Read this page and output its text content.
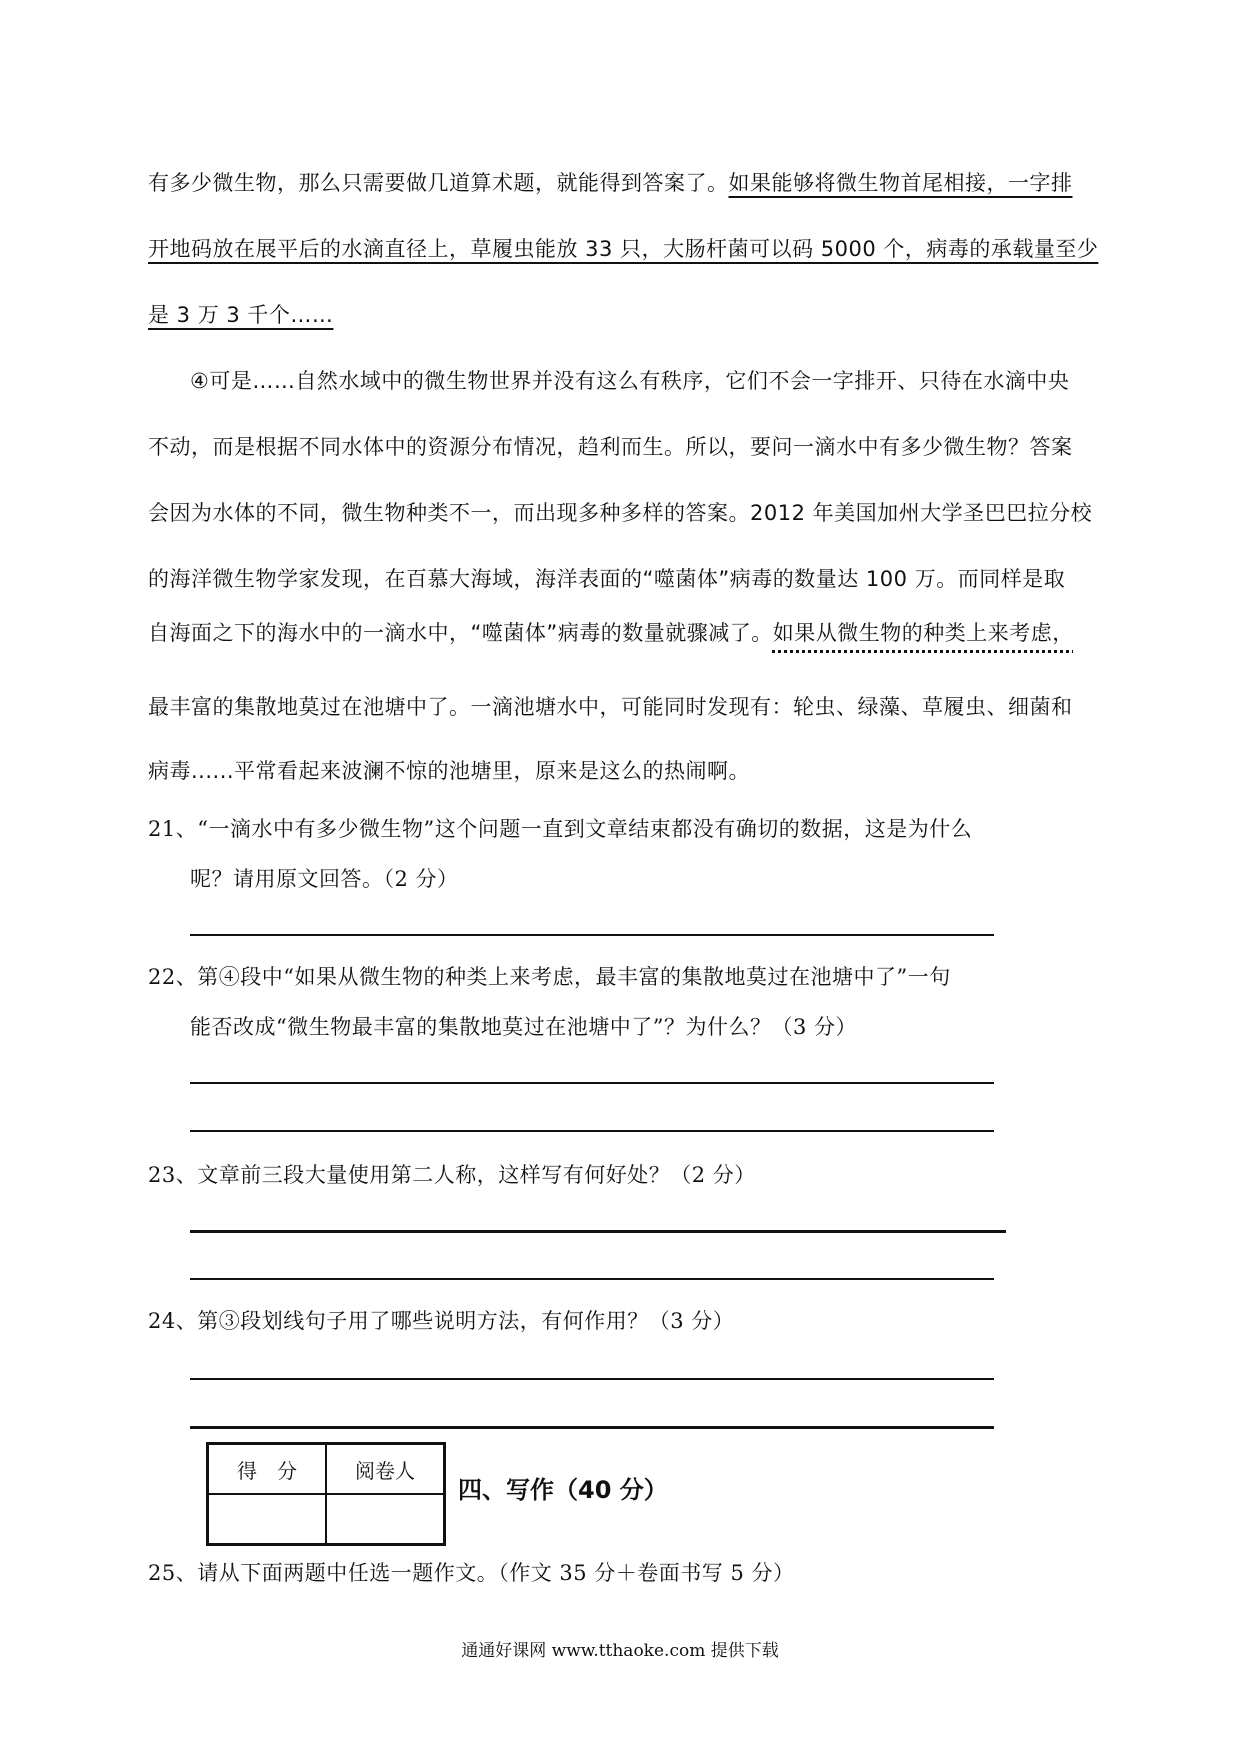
有多少微生物，那么只需要做几道算术题，就能得到答案了。如果能够将微生物首尾相接，一字排
开地码放在展平后的水滴直径上，草履虫能放 33 只，大肠杆菌可以码 5000 个，病毒的承载量至少
是 3 万 3 千个……
④可是……自然水域中的微生物世界并没有这么有秩序，它们不会一字排开、只待在水滴中央
不动，而是根据不同水体中的资源分布情况，趋利而生。所以，要问一滴水中有多少微生物？答案
会因为水体的不同，微生物种类不一，而出现多种多样的答案。2012 年美国加州大学圣巴巴拉分校
的海洋微生物学家发现，在百慕大海域，海洋表面的“噬菌体”病毒的数量达 100 万。而同样是取
自海面之下的海水中的一滴水中，“噬菌体”病毒的数量就骤减了。如果从微生物的种类上来考虑，
最丰富的集散地莫过在池塘中了。一滴池塘水中，可能同时发现有：轮虫、绿藻、草履虫、细菌和
病毒......平常看起来波澜不惊的池塘里，原来是这么的热闹啊。
21、“一滴水中有多少微生物”这个问题一直到文章结束都没有确切的数据，这是为什么
呢？请用原文回答。（2 分）
22、第④段中“如果从微生物的种类上来考虑，最丰富的集散地莫过在池塘中了”一句
能否改成“微生物最丰富的集散地莫过在池塘中了”？为什么？（3 分）
23、文章前三段大量使用第二人称，这样写有何好处？（2 分）
24、第③段划线句子用了哪些说明方法，有何作用？（3 分）
得　分	阅卷人

四、写作（40 分）
25、请从下面两题中任选一题作文。（作文 35 分＋卷面书写 5 分）
通通好课网 www.tthaoke.com 提供下载
